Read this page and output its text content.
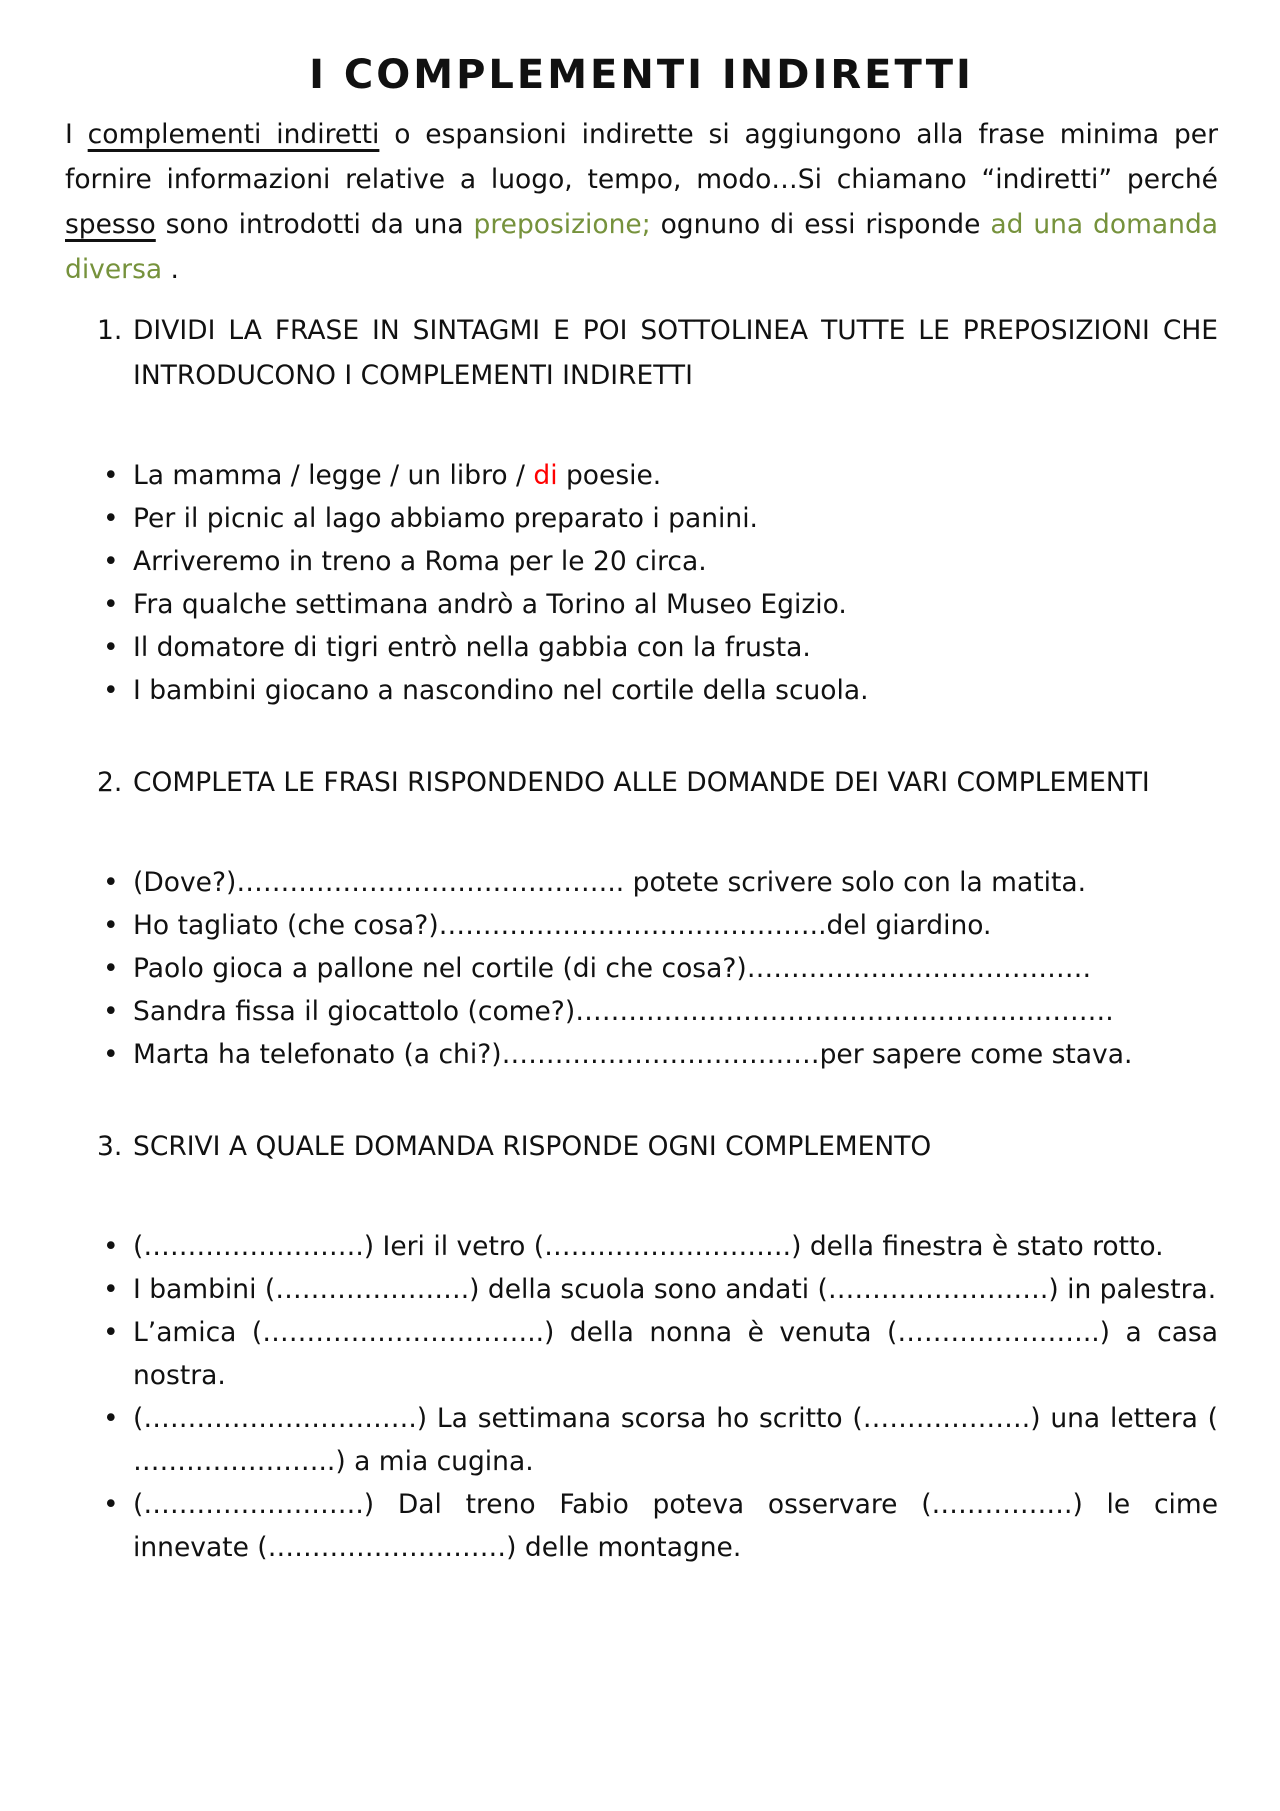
I COMPLEMENTI INDIRETTI

I complementi indiretti o espansioni indirette si aggiungono alla frase minima per fornire informazioni relative a luogo, tempo, modo…Si chiamano “indiretti” perché spesso sono introdotti da una preposizione; ognuno di essi risponde ad una domanda diversa .

1. DIVIDI LA FRASE IN SINTAGMI E POI SOTTOLINEA TUTTE LE PREPOSIZIONI CHE INTRODUCONO I COMPLEMENTI INDIRETTI
• La mamma / legge / un libro / di poesie.
• Per il picnic al lago abbiamo preparato i panini.
• Arriveremo in treno a Roma per le 20 circa.
• Fra qualche settimana andrò a Torino al Museo Egizio.
• Il domatore di tigri entrò nella gabbia con la frusta.
• I bambini giocano a nascondino nel cortile della scuola.
2. COMPLETA LE FRASI RISPONDENDO ALLE DOMANDE DEI VARI COMPLEMENTI
• (Dove?)…………………………………….. potete scrivere solo con la matita.
• Ho tagliato (che cosa?)……………………………………..del giardino.
• Paolo gioca a pallone nel cortile (di che cosa?)…………………………………
• Sandra fissa il giocattolo (come?)…………………………………………………….
• Marta ha telefonato (a chi?)………………………………per sapere come stava.
3. SCRIVI A QUALE DOMANDA RISPONDE OGNI COMPLEMENTO
• (…………………….) Ieri il vetro (……………………….) della finestra è stato rotto.
• I bambini (………………….) della scuola sono andati (…………………….) in palestra.
• L’amica (…………………………..) della nonna è venuta (…………………..) a casa nostra.
• (………………………….) La settimana scorsa ho scritto (……………….) una lettera ( …………………..) a mia cugina.
• (…………………….) Dal treno Fabio poteva osservare (…………….) le cime innevate (………………………) delle montagne.
